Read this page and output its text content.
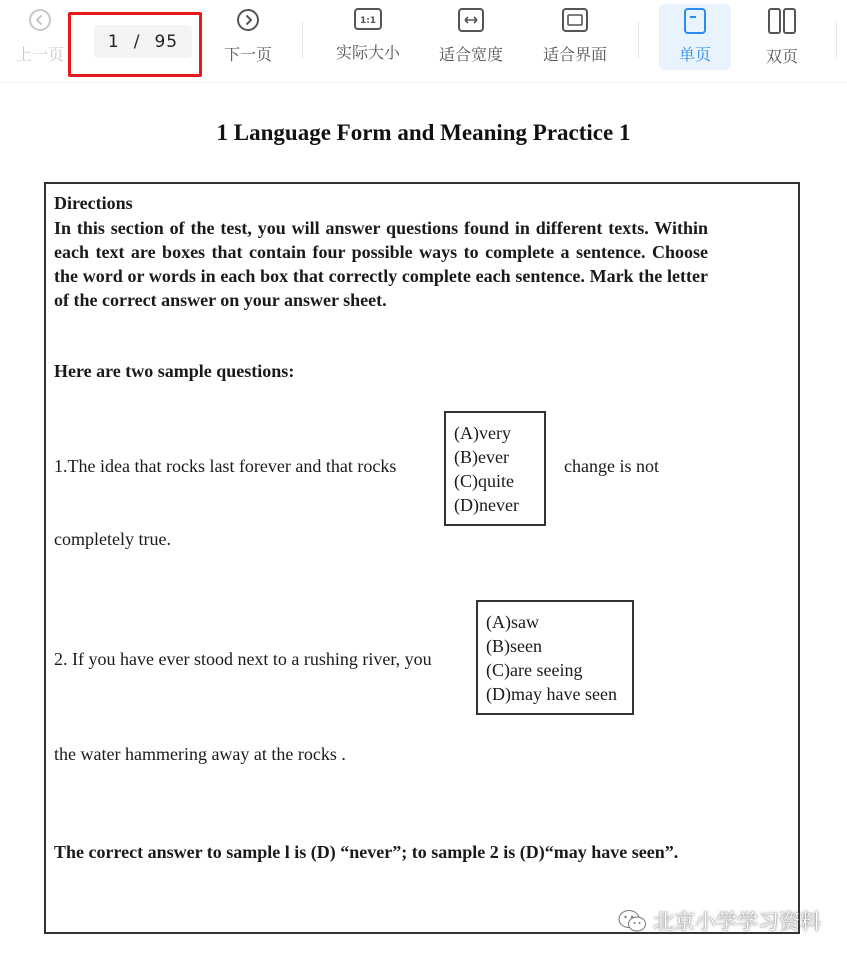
上一页
1 / 95
下一页
1:1
实际大小 适合宽度 适合界面	单页	双页
1 Language Form and Meaning Practice 1
Directions
In this section of the test, you will answer questions found in different texts. Within each text are boxes that contain four possible ways to complete a sentence. Choose the word or words in each box that correctly complete each sentence. Mark the letter of the correct answer on your answer sheet.
Here are two sample questions:
1.The idea that rocks last forever and that rocks
(A)very
(B)ever
(C)quite
(D)never
change is not
completely true.
2. If you have ever stood next to a rushing river, you
(A)saw
(B)seen
(C)are seeing
(D)may have seen
the water hammering away at the rocks .
The correct answer to sample l is (D) “never”; to sample 2 is (D)“may have seen”.
北京小学学习资料
